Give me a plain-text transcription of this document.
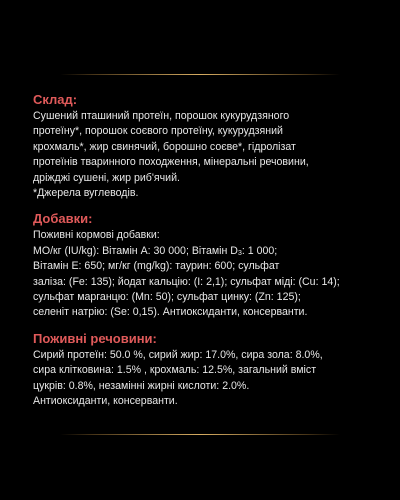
Склад:
Сушений пташиний протеїн, порошок кукурудзяного
протеїну*, порошок соєвого протеїну, кукурудзяний
крохмаль*, жир свинячий, борошно соєве*, гідролізат
протеїнів тваринного походження, мінеральні речовини,
дріжджі сушені, жир риб'ячий.
*Джерела вуглеводів.
Добавки:
Поживні кормові добавки:
МО/кг (IU/kg): Вітамін А: 30 000; Вітамін $D_3$: 1 000;
Вітамін Е: 650; мг/кг (mg/kg): таурин: 600; сульфат
заліза: (Fe: 135); йодат кальцію: (I: 2,1); сульфат міді: (Cu: 14);
сульфат марганцю: (Mn: 50); сульфат цинку: (Zn: 125);
селеніт натрію: (Se: 0,15). Антиоксиданти, консерванти.
Поживні речовини:
Сирий протеїн: 50.0 %, сирий жир: 17.0%, сира зола: 8.0%,
сира клітковина: 1.5% , крохмаль: 12.5%, загальний вміст
цукрів: 0.8%, незамінні жирні кислоти: 2.0%.
Антиоксиданти, консерванти.
